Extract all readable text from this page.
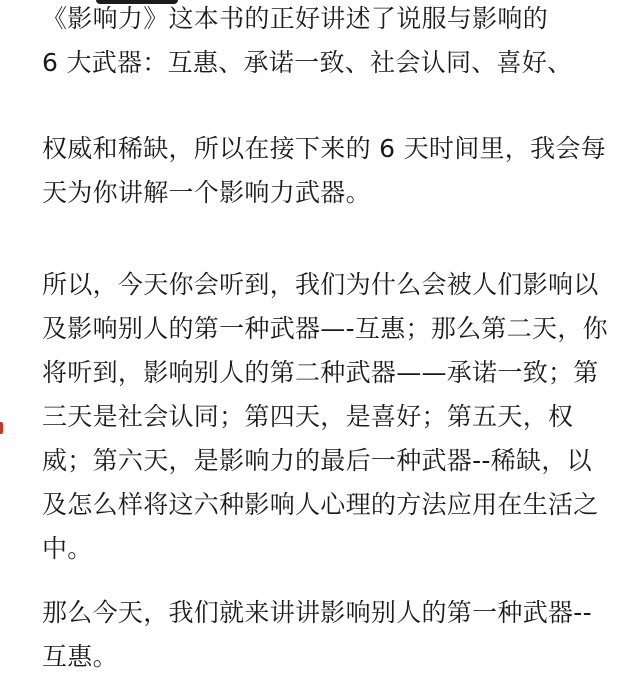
《影响力》这本书的正好讲述了说服与影响的
6 大武器：互惠、承诺一致、社会认同、喜好、
权威和稀缺，所以在接下来的 6 天时间里，我会每
天为你讲解一个影响力武器。
所以，今天你会听到，我们为什么会被人们影响以
及影响别人的第一种武器—-互惠；那么第二天，你
将听到，影响别人的第二种武器——承诺一致；第
三天是社会认同；第四天，是喜好；第五天，权
威；第六天，是影响力的最后一种武器--稀缺，以
及怎么样将这六种影响人心理的方法应用在生活之
中。
那么今天，我们就来讲讲影响别人的第一种武器--
互惠。
